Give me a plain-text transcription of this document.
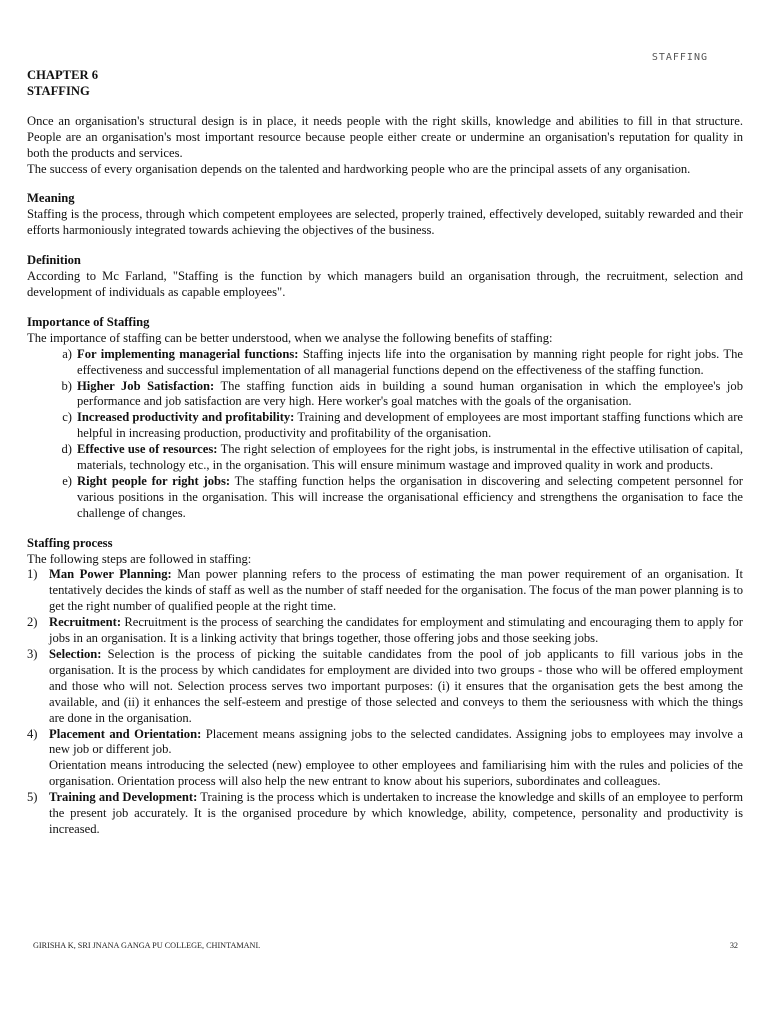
STAFFING

CHAPTER 6

STAFFING

Once an organisation's structural design is in place, it needs people with the right skills, knowledge and abilities to fill in that structure. People are an organisation's most important resource because people either create or undermine an organisation's reputation for quality in both the products and services.

The success of every organisation depends on the talented and hardworking people who are the principal assets of any organisation.

Meaning

Staffing is the process, through which competent employees are selected, properly trained, effectively developed, suitably rewarded and their efforts harmoniously integrated towards achieving the objectives of the business.

Definition

According to Mc Farland, "Staffing is the function by which managers build an organisation through, the recruitment, selection and development of individuals as capable employees".

Importance of Staffing

The importance of staffing can be better understood, when we analyse the following benefits of staffing:

a) For implementing managerial functions: Staffing injects life into the organisation by manning right people for right jobs. The effectiveness and successful implementation of all managerial functions depend on the effectiveness of the staffing function.
b) Higher Job Satisfaction: The staffing function aids in building a sound human organisation in which the employee's job performance and job satisfaction are very high. Here worker's goal matches with the goals of the organisation.
c) Increased productivity and profitability: Training and development of employees are most important staffing functions which are helpful in increasing production, productivity and profitability of the organisation.
d) Effective use of resources: The right selection of employees for the right jobs, is instrumental in the effective utilisation of capital, materials, technology etc., in the organisation. This will ensure minimum wastage and improved quality in work and products.
e) Right people for right jobs: The staffing function helps the organisation in discovering and selecting competent personnel for various positions in the organisation. This will increase the organisational efficiency and strengthens the organisation to face the challenge of changes.

Staffing process

The following steps are followed in staffing:

1) Man Power Planning: Man power planning refers to the process of estimating the man power requirement of an organisation. It tentatively decides the kinds of staff as well as the number of staff needed for the organisation. The focus of the man power planning is to get the right number of qualified people at the right time.
2) Recruitment: Recruitment is the process of searching the candidates for employment and stimulating and encouraging them to apply for jobs in an organisation. It is a linking activity that brings together, those offering jobs and those seeking jobs.
3) Selection: Selection is the process of picking the suitable candidates from the pool of job applicants to fill various jobs in the organisation. It is the process by which candidates for employment are divided into two groups - those who will be offered employment and those who will not. Selection process serves two important purposes: (i) it ensures that the organisation gets the best among the available, and (ii) it enhances the self-esteem and prestige of those selected and conveys to them the seriousness with which the things are done in the organisation.
4) Placement and Orientation: Placement means assigning jobs to the selected candidates. Assigning jobs to employees may involve a new job or different job.
Orientation means introducing the selected (new) employee to other employees and familiarising him with the rules and policies of the organisation. Orientation process will also help the new entrant to know about his superiors, subordinates and colleagues.
5) Training and Development: Training is the process which is undertaken to increase the knowledge and skills of an employee to perform the present job accurately. It is the organised procedure by which knowledge, ability, competence, personality and productivity is increased.
GIRISHA K, SRI JNANA GANGA PU COLLEGE, CHINTAMANI.	32
